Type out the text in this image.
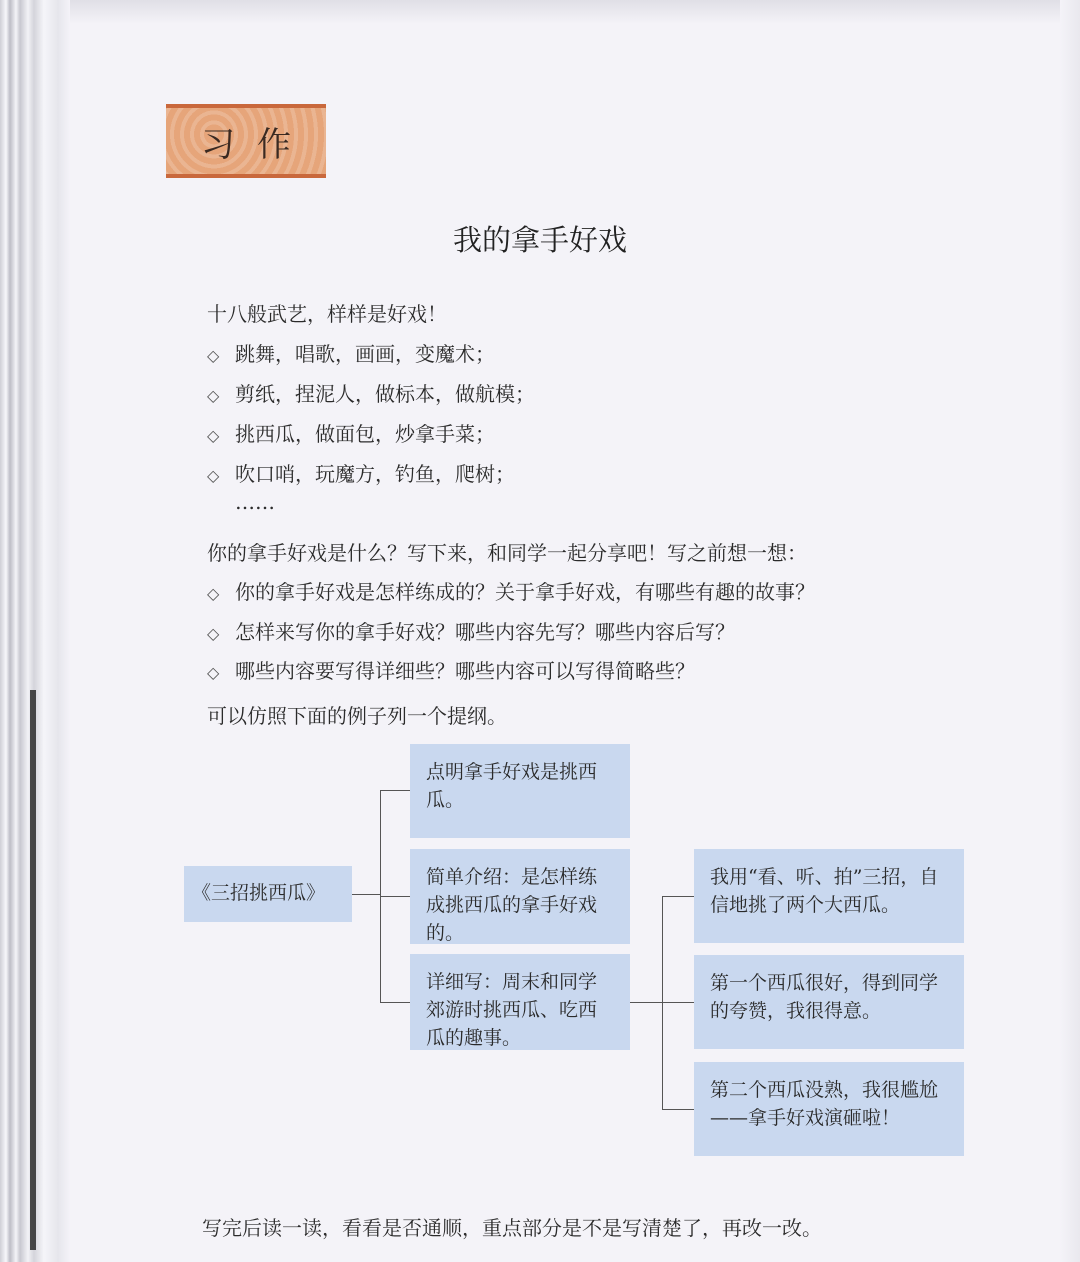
习作
我的拿手好戏
十八般武艺，样样是好戏！
◇ 跳舞，唱歌，画画，变魔术；
◇ 剪纸，捏泥人，做标本，做航模；
◇ 挑西瓜，做面包，炒拿手菜；
◇ 吹口哨，玩魔方，钓鱼，爬树；
……
你的拿手好戏是什么？写下来，和同学一起分享吧！写之前想一想：
◇ 你的拿手好戏是怎样练成的？关于拿手好戏，有哪些有趣的故事？
◇ 怎样来写你的拿手好戏？哪些内容先写？哪些内容后写？
◇ 哪些内容要写得详细些？哪些内容可以写得简略些？
可以仿照下面的例子列一个提纲。
《三招挑西瓜》
点明拿手好戏是挑西瓜。
简单介绍：是怎样练成挑西瓜的拿手好戏的。
详细写：周末和同学郊游时挑西瓜、吃西瓜的趣事。
我用“看、听、拍”三招，自信地挑了两个大西瓜。
第一个西瓜很好，得到同学的夸赞，我很得意。
第二个西瓜没熟，我很尴尬——拿手好戏演砸啦！
写完后读一读，看看是否通顺，重点部分是不是写清楚了，再改一改。
